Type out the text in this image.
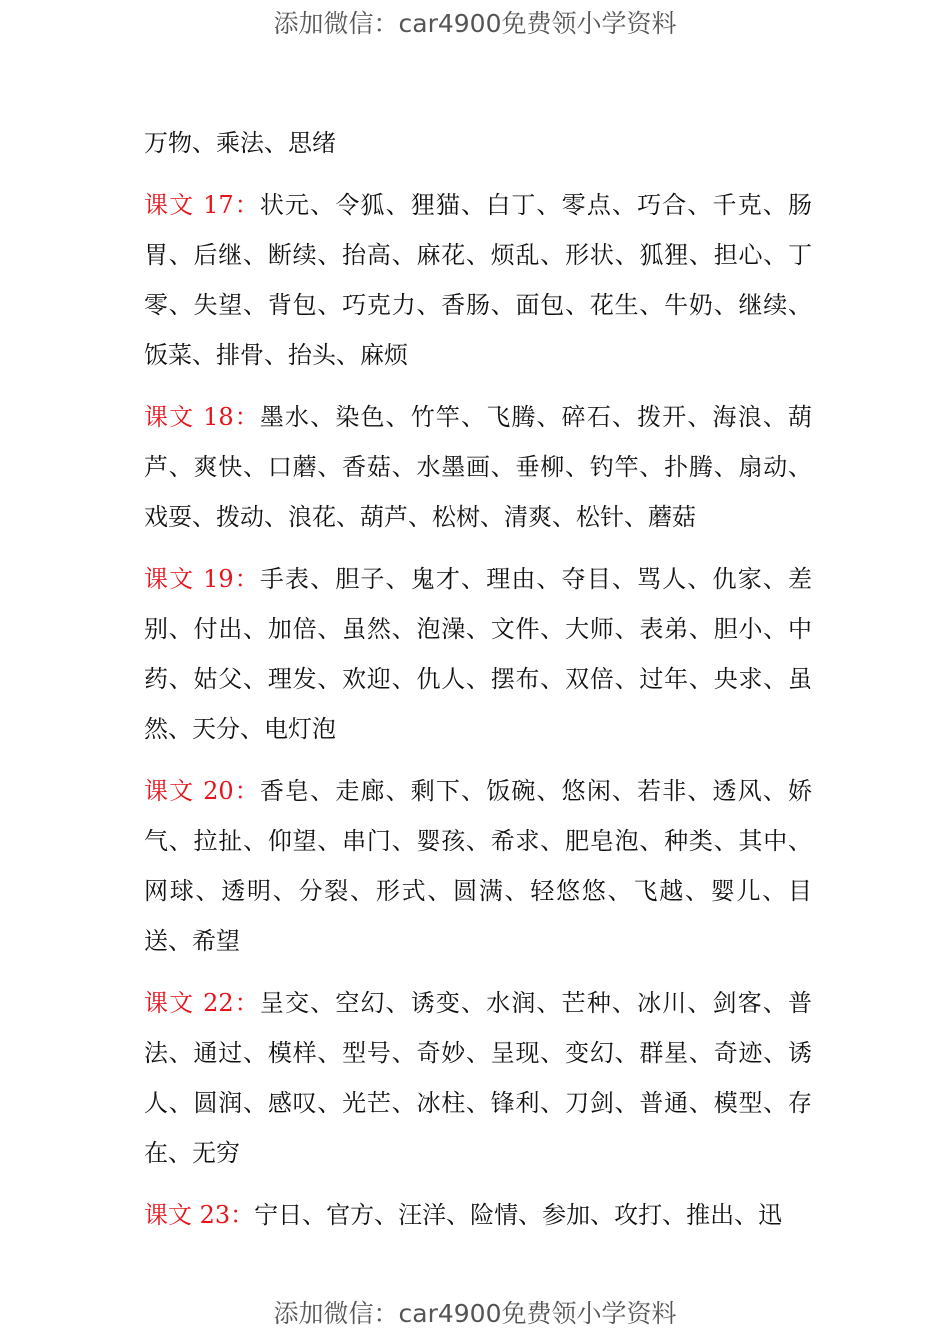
添加微信：car4900免费领小学资料

万物、乘法、思绪

课文 17：状元、令狐、狸猫、白丁、零点、巧合、千克、肠胃、后继、断续、抬高、麻花、烦乱、形状、狐狸、担心、丁零、失望、背包、巧克力、香肠、面包、花生、牛奶、继续、饭菜、排骨、抬头、麻烦

课文 18：墨水、染色、竹竿、飞腾、碎石、拨开、海浪、葫芦、爽快、口蘑、香菇、水墨画、垂柳、钓竿、扑腾、扇动、戏耍、拨动、浪花、葫芦、松树、清爽、松针、蘑菇

课文 19：手表、胆子、鬼才、理由、夺目、骂人、仇家、差别、付出、加倍、虽然、泡澡、文件、大师、表弟、胆小、中药、姑父、理发、欢迎、仇人、摆布、双倍、过年、央求、虽然、天分、电灯泡

课文 20：香皂、走廊、剩下、饭碗、悠闲、若非、透风、娇气、拉扯、仰望、串门、婴孩、希求、肥皂泡、种类、其中、网球、透明、分裂、形式、圆满、轻悠悠、飞越、婴儿、目送、希望

课文 22：呈交、空幻、诱变、水润、芒种、冰川、剑客、普法、通过、模样、型号、奇妙、呈现、变幻、群星、奇迹、诱人、圆润、感叹、光芒、冰柱、锋利、刀剑、普通、模型、存在、无穷

课文 23：宁日、官方、汪洋、险情、参加、攻打、推出、迅

添加微信：car4900免费领小学资料
